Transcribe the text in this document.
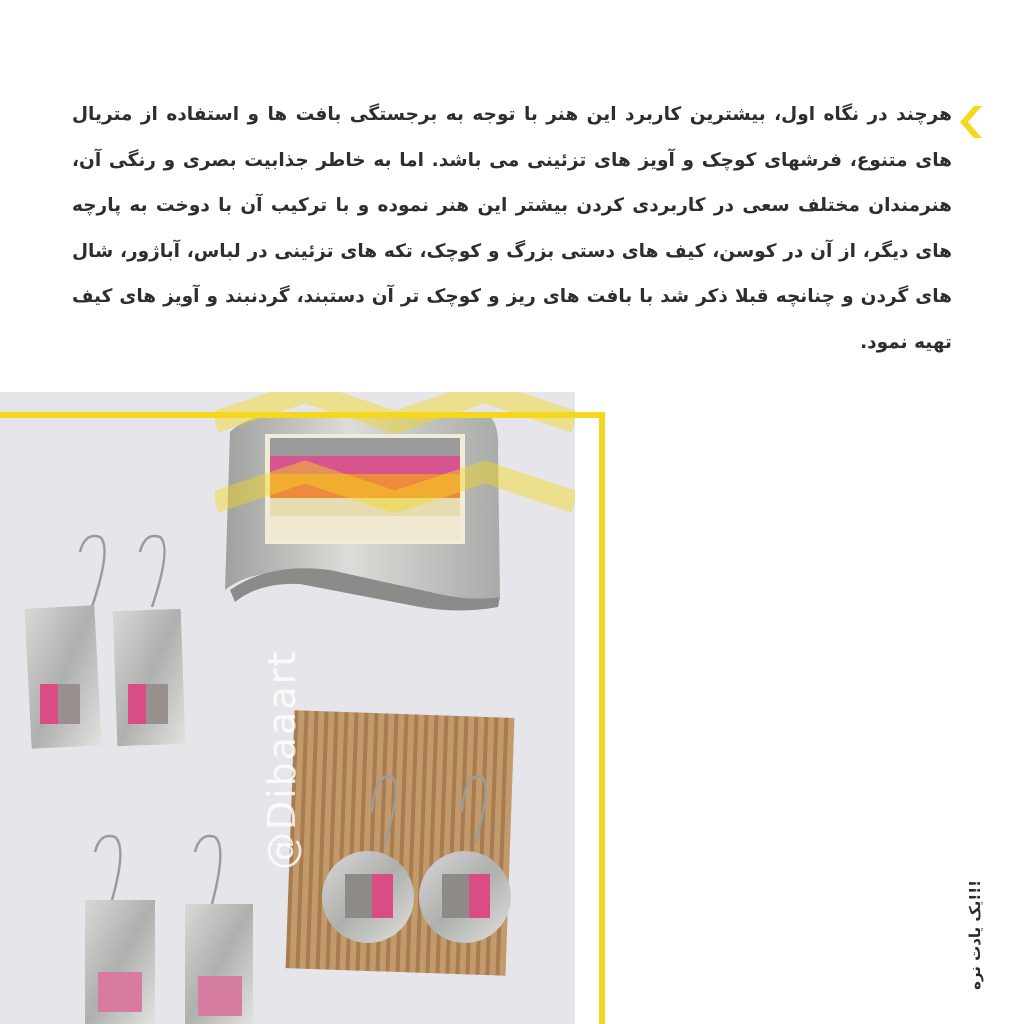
هرچند در نگاه اول، بیشترین کاربرد این هنر با توجه به برجستگی بافت ها و استفاده از متریال های متنوع، فرشهای کوچک و آویز های تزئینی می باشد. اما به خاطر جذابیت بصری و رنگی آن، هنرمندان مختلف سعی در کاربردی کردن بیشتر این هنر نموده و با ترکیب آن با دوخت به پارچه های دیگر، از آن در کوسن، کیف های دستی بزرگ و کوچک، تکه های تزئینی در لباس، آباژور، شال های گردن و چنانچه قبلا ذکر شد با بافت های ریز و کوچک تر آن دستبند، گردنبند و آویز های کیف تهیه نمود.

@Dibaaart
!!!یک یادت نره
